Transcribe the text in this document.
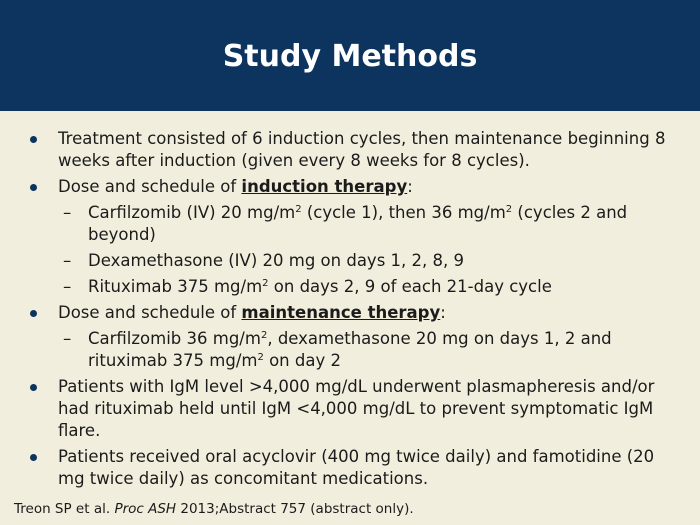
Study Methods
Treatment consisted of 6 induction cycles, then maintenance beginning 8 weeks after induction (given every 8 weeks for 8 cycles).
Dose and schedule of induction therapy:
– Carfilzomib (IV) 20 $mg/m^2$ (cycle 1), then 36 $mg/m^2$ (cycles 2 and beyond)
– Dexamethasone (IV) 20 mg on days 1, 2, 8, 9
– Rituximab 375 $mg/m^2$ on days 2, 9 of each 21-day cycle
Dose and schedule of maintenance therapy:
– Carfilzomib 36 $mg/m^2$, dexamethasone 20 mg on days 1, 2 and rituximab 375 $mg/m^2$ on day 2
Patients with IgM level >4,000 mg/dL underwent plasmapheresis and/or had rituximab held until IgM <4,000 mg/dL to prevent symptomatic IgM flare.
Patients received oral acyclovir (400 mg twice daily) and famotidine (20 mg twice daily) as concomitant medications.
Treon SP et al. Proc ASH 2013;Abstract 757 (abstract only).
